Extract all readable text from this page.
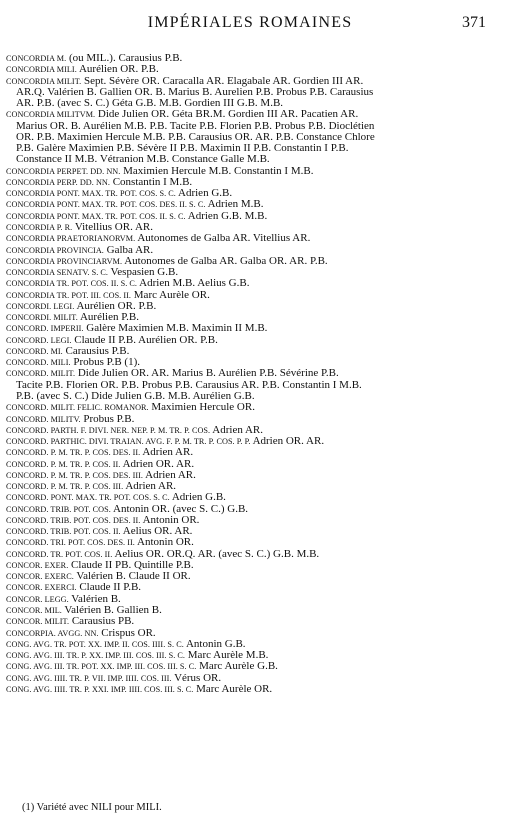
IMPÉRIALES ROMAINES	371
CONCORDIA M. (ou MIL.). Carausius P.B.
CONCORDIA MILI. Aurélien OR. P.B.
CONCORDIA MILIT. Sept. Sévère OR. Caracalla AR. Elagabale AR. Gordien III AR.
AR.Q. Valérien B. Gallien OR. B. Marius B. Aurelien P.B. Probus P.B. Carausius
AR. P.B. (avec S. C.) Géta G.B. M.B. Gordien III G.B. M.B.
CONCORDIA MILITVM. Dide Julien OR. Géta BR.M. Gordien III AR. Pacatien AR.
Marius OR. B. Aurélien M.B. P.B. Tacite P.B. Florien P.B. Probus P.B. Dioclétien
OR. P.B. Maximien Hercule M.B. P.B. Carausius OR. AR. P.B. Constance Chlore
P.B. Galère Maximien P.B. Sévère II P.B. Maximin II P.B. Constantin I P.B.
Constance II M.B. Vétranion M.B. Constance Galle M.B.
CONCORDIA PERPET. DD. NN. Maximien Hercule M.B. Constantin I M.B.
CONCORDIA PERP. DD. NN. Constantin I M.B.
CONCORDIA PONT. MAX. TR. POT. COS. S. C. Adrien G.B.
CONCORDIA PONT. MAX. TR. POT. COS. DES. II. S. C. Adrien M.B.
CONCORDIA PONT. MAX. TR. POT. COS. II. S. C. Adrien G.B. M.B.
CONCORDIA P. R. Vitellius OR. AR.
CONCORDIA PRAETORIANORVM. Autonomes de Galba AR. Vitellius AR.
CONCORDIA PROVINCIA. Galba AR.
CONCORDIA PROVINCIARVM. Autonomes de Galba AR. Galba OR. AR. P.B.
CONCORDIA SENATV. S. C. Vespasien G.B.
CONCORDIA TR. POT. COS. II. S. C. Adrien M.B. Aelius G.B.
CONCORDIA TR. POT. III. COS. II. Marc Aurèle OR.
CONCORDI. LEGI. Aurélien OR. P.B.
CONCORDI. MILIT. Aurélien P.B.
CONCORD. IMPERII. Galère Maximien M.B. Maximin II M.B.
CONCORD. LEGI. Claude II P.B. Aurélien OR. P.B.
CONCORD. MI. Carausius P.B.
CONCORD. MILI. Probus P.B (1).
CONCORD. MILIT. Dide Julien OR. AR. Marius B. Aurélien P.B. Sévérine P.B.
Tacite P.B. Florien OR. P.B. Probus P.B. Carausius AR. P.B. Constantin I M.B.
P.B. (avec S. C.) Dide Julien G.B. M.B. Aurélien G.B.
CONCORD. MILIT. FELIC. ROMANOR. Maximien Hercule OR.
CONCORD. MILITV. Probus P.B.
CONCORD. PARTH. F. DIVI. NER. NEP. P. M. TR. P. COS. Adrien AR.
CONCORD. PARTHIC. DIVI. TRAIAN. AVG. F. P. M. TR. P. COS. P. P. Adrien OR. AR.
CONCORD. P. M. TR. P. COS. DES. II. Adrien AR.
CONCORD. P. M. TR. P. COS. II. Adrien OR. AR.
CONCORD. P. M. TR. P. COS. DES. III. Adrien AR.
CONCORD. P. M. TR. P. COS. III. Adrien AR.
CONCORD. PONT. MAX. TR. POT. COS. S. C. Adrien G.B.
CONCORD. TRIB. POT. COS. Antonin OR. (avec S. C.) G.B.
CONCORD. TRIB. POT. COS. DES. II. Antonin OR.
CONCORD. TRIB. POT. COS. II. Aelius OR. AR.
CONCORD. TRI. POT. COS. DES. II. Antonin OR.
CONCORD. TR. POT. COS. II. Aelius OR. OR.Q. AR. (avec S. C.) G.B. M.B.
CONCOR. EXER. Claude II PB. Quintille P.B.
CONCOR. EXERC. Valérien B. Claude II OR.
CONCOR. EXERCI. Claude II P.B.
CONCOR. LEGG. Valérien B.
CONCOR. MIL. Valérien B. Gallien B.
CONCOR. MILIT. Carausius PB.
CONCORPIA. AVGG. NN. Crispus OR.
CONG. AVG. TR. POT. XX. IMP. II. COS. IIII. S. C. Antonin G.B.
CONG. AVG. III. TR. P. XX. IMP. III. COS. III. S. C. Marc Aurèle M.B.
CONG. AVG. III. TR. POT. XX. IMP. III. COS. III. S. C. Marc Aurèle G.B.
CONG. AVG. IIII. TR. P. VII. IMP. IIII. COS. III. Vérus OR.
CONG. AVG. IIII. TR. P. XXI. IMP. IIII. COS. III. S. C. Marc Aurèle OR.
(1) Variété avec NILI pour MILI.
